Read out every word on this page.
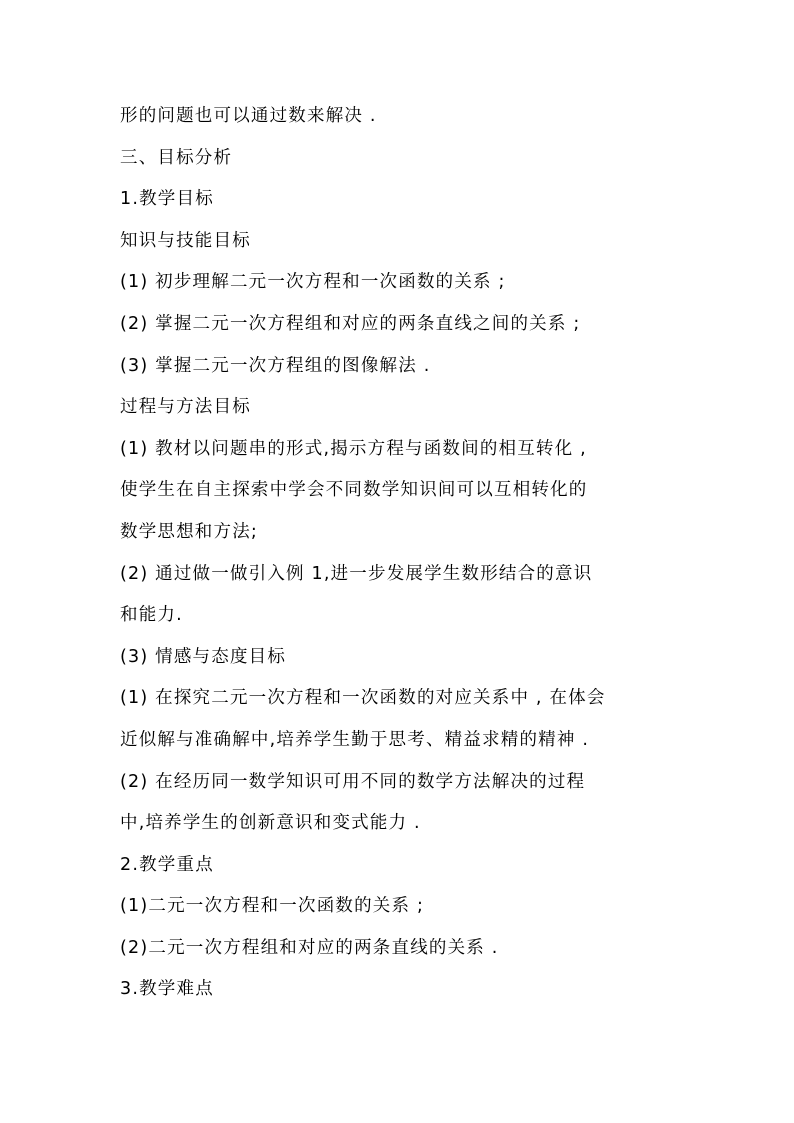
形的问题也可以通过数来解决 .
三、目标分析
1.教学目标
知识与技能目标
(1) 初步理解二元一次方程和一次函数的关系 ;
(2) 掌握二元一次方程组和对应的两条直线之间的关系 ;
(3) 掌握二元一次方程组的图像解法 .
过程与方法目标
(1) 教材以问题串的形式,揭示方程与函数间的相互转化 ,
使学生在自主探索中学会不同数学知识间可以互相转化的
数学思想和方法;
(2) 通过做一做引入例 1,进一步发展学生数形结合的意识
和能力.
(3) 情感与态度目标
(1) 在探究二元一次方程和一次函数的对应关系中 , 在体会
近似解与准确解中,培养学生勤于思考、精益求精的精神 .
(2) 在经历同一数学知识可用不同的数学方法解决的过程
中,培养学生的创新意识和变式能力 .
2.教学重点
(1)二元一次方程和一次函数的关系 ;
(2)二元一次方程组和对应的两条直线的关系 .
3.教学难点
